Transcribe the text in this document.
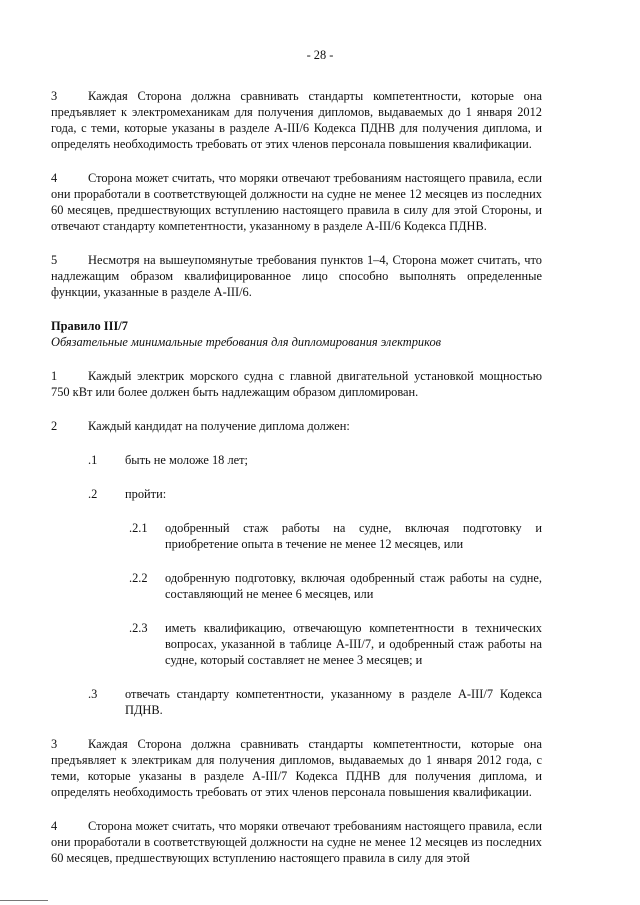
- 28 -

3 Каждая Сторона должна сравнивать стандарты компетентности, которые она предъявляет к электромеханикам для получения дипломов, выдаваемых до 1 января 2012 года, с теми, которые указаны в разделе A-III/6 Кодекса ПДНВ для получения диплома, и определять необходимость требовать от этих членов персонала повышения квалификации.

4 Сторона может считать, что моряки отвечают требованиям настоящего правила, если они проработали в соответствующей должности на судне не менее 12 месяцев из последних 60 месяцев, предшествующих вступлению настоящего правила в силу для этой Стороны, и отвечают стандарту компетентности, указанному в разделе A-III/6 Кодекса ПДНВ.

5 Несмотря на вышеупомянутые требования пунктов 1–4, Сторона может считать, что надлежащим образом квалифицированное лицо способно выполнять определенные функции, указанные в разделе A-III/6.

Правило III/7

Обязательные минимальные требования для дипломирования электриков

1 Каждый электрик морского судна с главной двигательной установкой мощностью 750 кВт или более должен быть надлежащим образом дипломирован.

2	Каждый кандидат на получение диплома должен:
.1	быть не моложе 18 лет;
.2	пройти:
.2.1	одобренный стаж работы на судне, включая подготовку и приобретение опыта в течение не менее 12 месяцев, или
.2.2	одобренную подготовку, включая одобренный стаж работы на судне, составляющий не менее 6 месяцев, или
.2.3	иметь квалификацию, отвечающую компетентности в технических вопросах, указанной в таблице A-III/7, и одобренный стаж работы на судне, который составляет не менее 3 месяцев; и
.3	отвечать стандарту компетентности, указанному в разделе A-III/7 Кодекса ПДНВ.

3 Каждая Сторона должна сравнивать стандарты компетентности, которые она предъявляет к электрикам для получения дипломов, выдаваемых до 1 января 2012 года, с теми, которые указаны в разделе A-III/7 Кодекса ПДНВ для получения диплома, и определять необходимость требовать от этих членов персонала повышения квалификации.

4 Сторона может считать, что моряки отвечают требованиям настоящего правила, если они проработали в соответствующей должности на судне не менее 12 месяцев из последних 60 месяцев, предшествующих вступлению настоящего правила в силу для этой
